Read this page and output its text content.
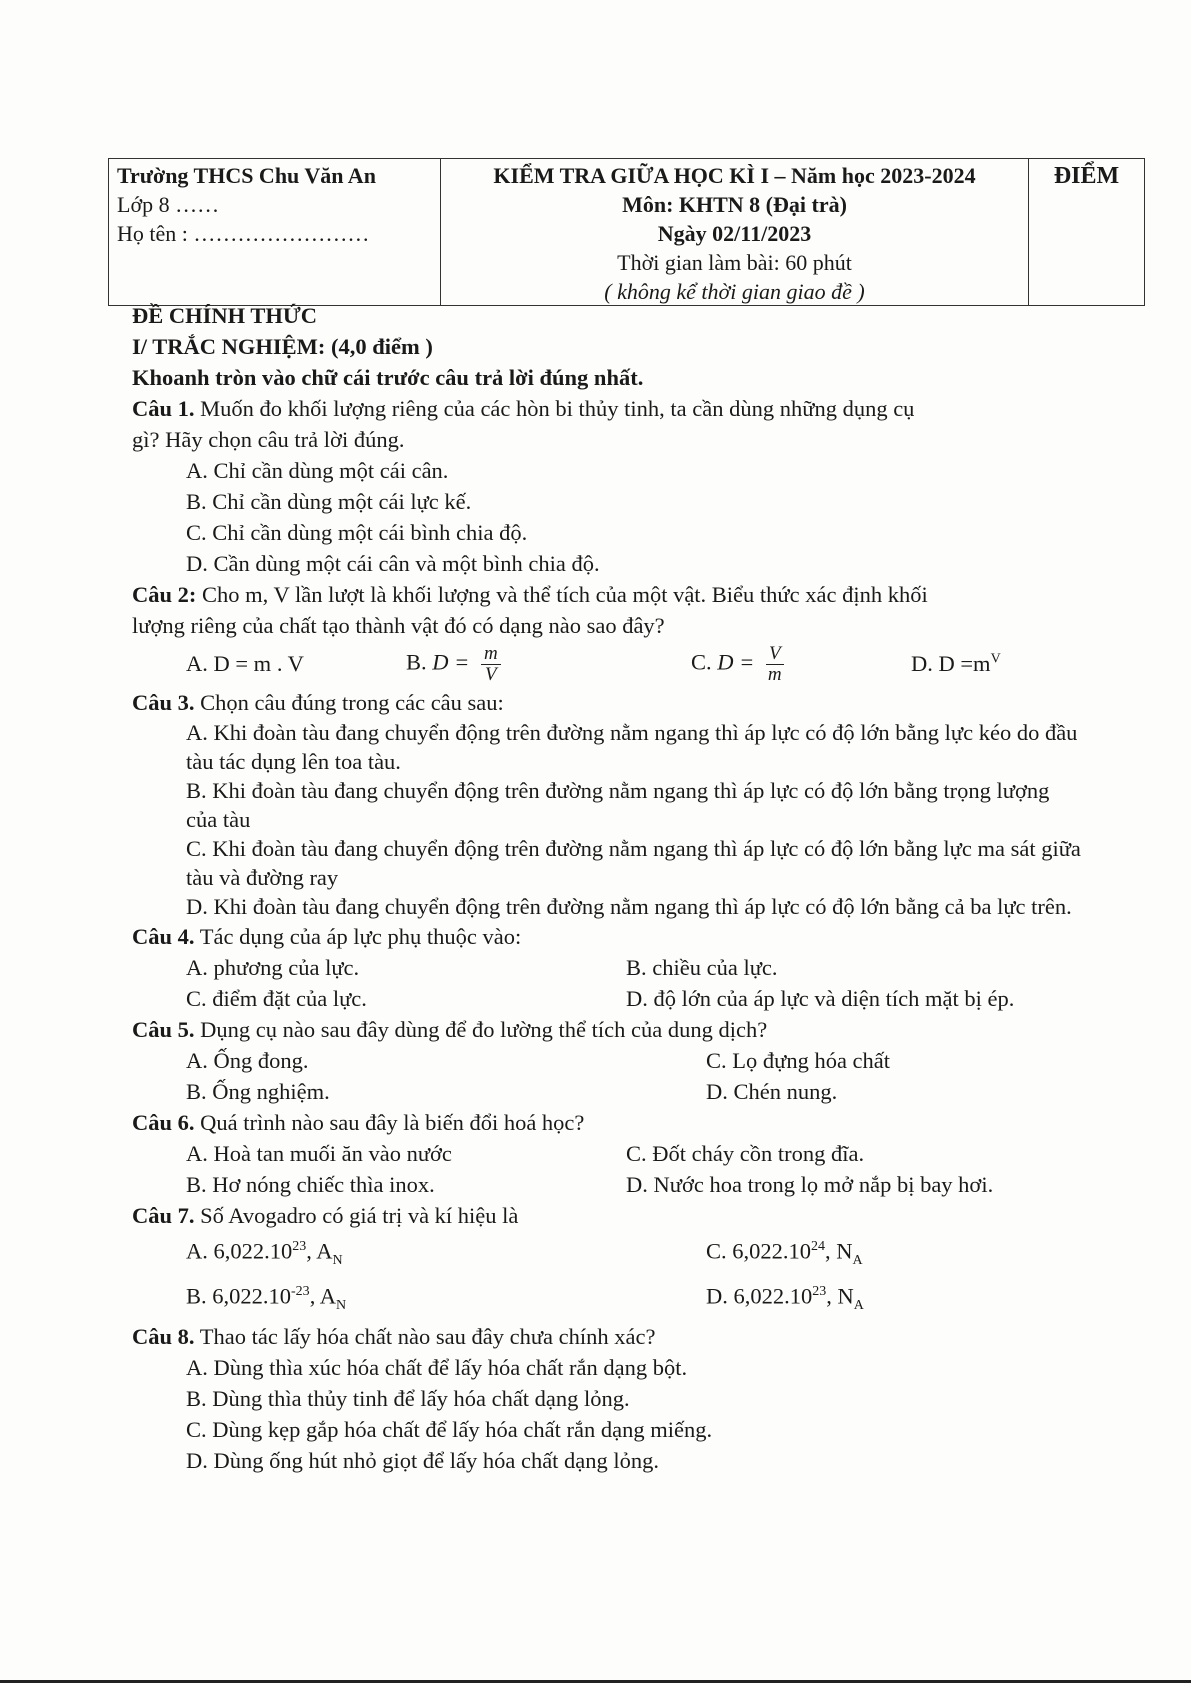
Trường THCS Chu Văn An
Lớp 8 ……
Họ tên : ……………………
KIỂM TRA GIỮA HỌC KÌ I – Năm học 2023-2024
Môn: KHTN 8 (Đại trà)
Ngày 02/11/2023
Thời gian làm bài: 60 phút
( không kể thời gian giao đề )
ĐIỂM
ĐỀ CHÍNH THỨC
I/ TRẮC NGHIỆM: (4,0 điểm )
Khoanh tròn vào chữ cái trước câu trả lời đúng nhất.
Câu 1. Muốn đo khối lượng riêng của các hòn bi thủy tinh, ta cần dùng những dụng cụ
gì? Hãy chọn câu trả lời đúng.
A. Chỉ cần dùng một cái cân.
B. Chỉ cần dùng một cái lực kế.
C. Chỉ cần dùng một cái bình chia độ.
D. Cần dùng một cái cân và một bình chia độ.
Câu 2: Cho m, V lần lượt là khối lượng và thể tích của một vật. Biểu thức xác định khối
lượng riêng của chất tạo thành vật đó có dạng nào sao đây?
A. D = m . V	B. $D = \frac{m}{V}$	C. $D = \frac{V}{m}$	D. $D =m^V$
Câu 3. Chọn câu đúng trong các câu sau:
A. Khi đoàn tàu đang chuyển động trên đường nằm ngang thì áp lực có độ lớn bằng lực kéo do đầu tàu tác dụng lên toa tàu.
B. Khi đoàn tàu đang chuyển động trên đường nằm ngang thì áp lực có độ lớn bằng trọng lượng của tàu
C. Khi đoàn tàu đang chuyển động trên đường nằm ngang thì áp lực có độ lớn bằng lực ma sát giữa tàu và đường ray
D. Khi đoàn tàu đang chuyển động trên đường nằm ngang thì áp lực có độ lớn bằng cả ba lực trên.
Câu 4. Tác dụng của áp lực phụ thuộc vào:
A. phương của lực.	B. chiều của lực.
C. điểm đặt của lực.	D. độ lớn của áp lực và diện tích mặt bị ép.
Câu 5. Dụng cụ nào sau đây dùng để đo lường thể tích của dung dịch?
A. Ống đong.	C. Lọ đựng hóa chất
B. Ống nghiệm.	D. Chén nung.
Câu 6. Quá trình nào sau đây là biến đổi hoá học?
A. Hoà tan muối ăn vào nước	C. Đốt cháy cồn trong đĩa.
B. Hơ nóng chiếc thìa inox.	D. Nước hoa trong lọ mở nắp bị bay hơi.
Câu 7. Số Avogadro có giá trị và kí hiệu là
A. 6,022.10$^{23}$, $A_N$	C. 6,022.10$^{24}$, $N_A$
B. $6,022.10^{-23}$, $A_N$	D. 6,022.10$^{23}$, $N_A$
Câu 8. Thao tác lấy hóa chất nào sau đây chưa chính xác?
A. Dùng thìa xúc hóa chất để lấy hóa chất rắn dạng bột.
B. Dùng thìa thủy tinh để lấy hóa chất dạng lỏng.
C. Dùng kẹp gắp hóa chất để lấy hóa chất rắn dạng miếng.
D. Dùng ống hút nhỏ giọt để lấy hóa chất dạng lỏng.
